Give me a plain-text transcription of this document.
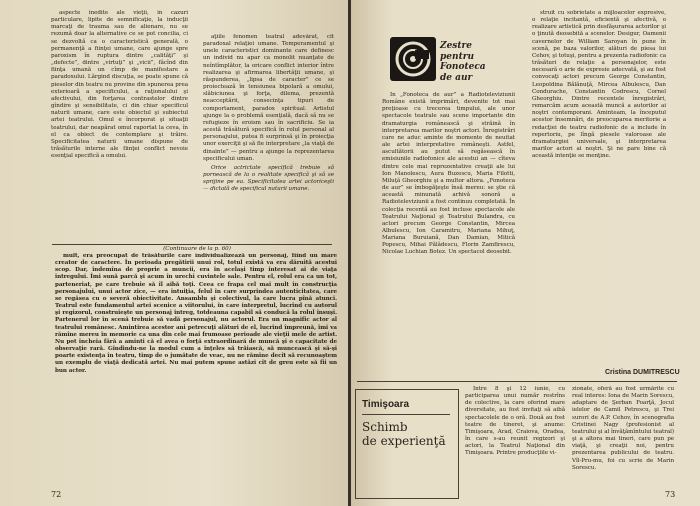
aspecte inedite ale vieţii, în cazuri particulare, lipite de semnificaţie, la inducţii marcaţi de trauma sau de alienare, nu se rezumă doar la alternative ce se pot concilia, ci se dezvoltă ca o caracteristică generală, o permanenţă a fiinţei umane, care ajunge spre paroxism în ruptura dintre „calităţi” şi „defecte”, dintre „virtuţi” şi „vicii”, făcînd din fiinţa umană un cîmp de manifestare a paradoxului. Lărgind discuţia, se poate spune că pieselor din teatru nu provine din spunerea prea exterioară a specificului, a raţionalului şi afectivului, din forţarea contrastelor dintre gîndire şi sensibilitate, ci din chiar specificul naturii umane, care este obiectul şi subiectul artei teatrului. Omul e încorporat şi situaţii teatrului, dar neapărat omul raportat la ceva, în el ca obiect de contemplare şi trăire. Specificitatea naturii umane dispune de trăsăturile interne ale fiinţei conflict nevoie esenţial specifică a omului.

aţiile fenomen teatral adevărat, cît paradoxal relaţiei umane. Temperamentul şi unele caracteristici dominante care definesc un individ nu apar ca monolit nuanţate de neîntîmplător, la oricare conflict interior între realizarea şi afirmarea libertăţii umane, şi răspunderea, „lipsa de caracter” ce se proiectează în tensiunea bipolară a omului, slăbiciunea şi forţa, dilema, prezentă neacceptării, consecinţa tipuri de comportament, paradox spiritual. Artistul ajunge la o problemă esenţială, dacă să nu se refugieze în eroism sau în sacrificiu. Se ia acestă trăsătură specifică în rolul personal al personajului, putea fi surprinsă şi în proiecţia unor exerciţii şi să fie interpretare „la viaţă de dinainte” — pentru a ajunge la reprezentarea specificului uman.

Orice actrictate specifică trebuie să pornească de la o realitate specifică şi să se sprijine pe ea. Specificitatea artei actoriceşti — dictată de specificul naturii umane.

(Continuare de la p. 60)

mult, era preocupat de trăsăturile care individualizează un personaj, fiind un mare creator de caractere. În perioada pregătirii unui rol, totul există va era dăruită acestui scop. Dar, îndemîna de proprie a muncii, era în acelaşi timp interesat ai de viaţa întregului. Îmi sună parcă şi acum în urechi cuvintele sale. Pentru el, rolul era ca un tot, parteneriat, pe care trebuie să îl aibă toţi. Ceea ce frapa cel mai mult în construcţia personajului, unui actor zice, — era intuiţia, felul în care surprindea autenticitatea, care se regăsea cu o severă obiectivitate. Ansamblu şi colectivul, la care lucra pînă atunci. Teatrul este fundamentul artei scenice a viitorului, în care interpretul, lucrînd cu autorul şi regizorul, construieşte un personaj întreg, totdeauna capabil să conducă la rolul însuşi. Partenerul lor în scenă trebuie să vadă personajul, nu actorul. Era un magnific actor al teatrului românesc. Amintirea acestor ani petrecuţi alături de el, lucrînd împreună, îmi va rămîne mereu în memorie ca una din cele mai frumoase perioade ale vieţii mele de artist. Nu pot încheia fără a aminti că el avea o forţă extraordinară de muncă şi o capacitate de observaţie rară. Gîndindu-ne la modul cum a înţeles să trăiască, să muncească şi să-şi poarte existenţa în teatru, timp de o jumătate de veac, nu ne rămîne decît să recunoaştem un exemplu de viaţă dedicată artei. Nu mai putem spune astăzi cît de greu este să fii un bun actor.

72
Zestre pentru Fonoteca de aur

În „Fonoteca de aur” a Radioteleviziunii Române există imprimări, devenite tot mai preţioase cu trecerea timpului, ale unor spectacole teatrale sau scene importante din dramaturgia românească şi străină în interpretarea marilor noştri actori. Înregistrări care ne aduc aminte de momente de neuitat ale artei interpretative româneşti. Astfel, ascultătorii au putut să regăsească în emisiunile radiofonice ale acestui an — cîteva dintre cele mai reprezentative creaţii ale lui Ion Manolescu, Aura Buzescu, Maria Filotti, Miluţă Gheorghiu şi a multor altora. „Fonoteca de aur” se îmbogăţeşte însă mereu: se ştie că această minunată arhivă sonoră a Radioteleviziunii a fost continuu completată. În colecţia recentă au fost incluse spectacole ale Teatrului Naţional şi Teatrului Bulandra, cu actori precum George Constantin, Mircea Albulescu, Ion Caramitru, Mariana Mihuţ, Mariana Buruiană, Dan Damian, Mitică Popescu, Mihai Pălădescu, Florin Zamfirescu, Nicolae Luchian Botez. Un spectacol deosebit.

struit cu sobrietate a mijloacelor expresive, o relaţie incitantă, eficientă şi afectivă, o realizare artistică prin desfăşurarea actorilor şi o ţinută deosebită a scenelor. Desigur, Oamenii cavernelor de William Saroyan în pune în scenă, pe baza valorilor, alături de piesa lui Cehov, şi totuşi, pentru a prezenta radiofonic ca trăsături de relaţie a personajelor, este necesară o arie de expresie adecvată, şi au fost convocaţi actori precum George Constantin, Leopoldina Bălănuţă, Mircea Albulescu, Dan Condurache, Constantin Codrescu, Cornel Gheorghiu. Dintre recentele înregistrări, remarcăm acum această muncă a autorilor ai noştri contemporani. Aminteam, la începutul acestor însemnări, de preocuparea meritorie a redacţiei de teatru radiofonic de a include în repertoriu, pe lîngă piesele valoroase ale dramaturgiei universale, şi interpretarea marilor actori ai noştri. Şi ne pare bine că această intenţie se menţine.

Cristina DUMITRESCU
Timişoara
Schimb
de experienţă

Între 8 şi 12 iunie, cu participarea unui număr restrîns de colective, la care oferind mare diversitate, au fost invitaţi să aibă spectacolele de o oră. Două au fost teatre de tineret, şi anume: Timişoara, Arad, Craiova, Oradea, în care s-au reunit regizori şi actori, la Teatrul Naţional din Timişoara. Printre producţiile vi-

zionate, oferă au fost urmărite cu real interes: Iona de Marin Sorescu, adaptare de Şerban Foarţă, Jocul ielelor de Camil Petrescu, şi Trei surori de A.P. Cehov, în scenografia Cristinei Nagy (profesionist al teatrului şi al învăţămîntului teatral) şi a altora mai tineri, care pun pe viaţă, şi creaţii noi, pentru prezentarea publicului de teatru. Vîl-Pru-mu, foi cu scrie de Marin Sorescu.

73
